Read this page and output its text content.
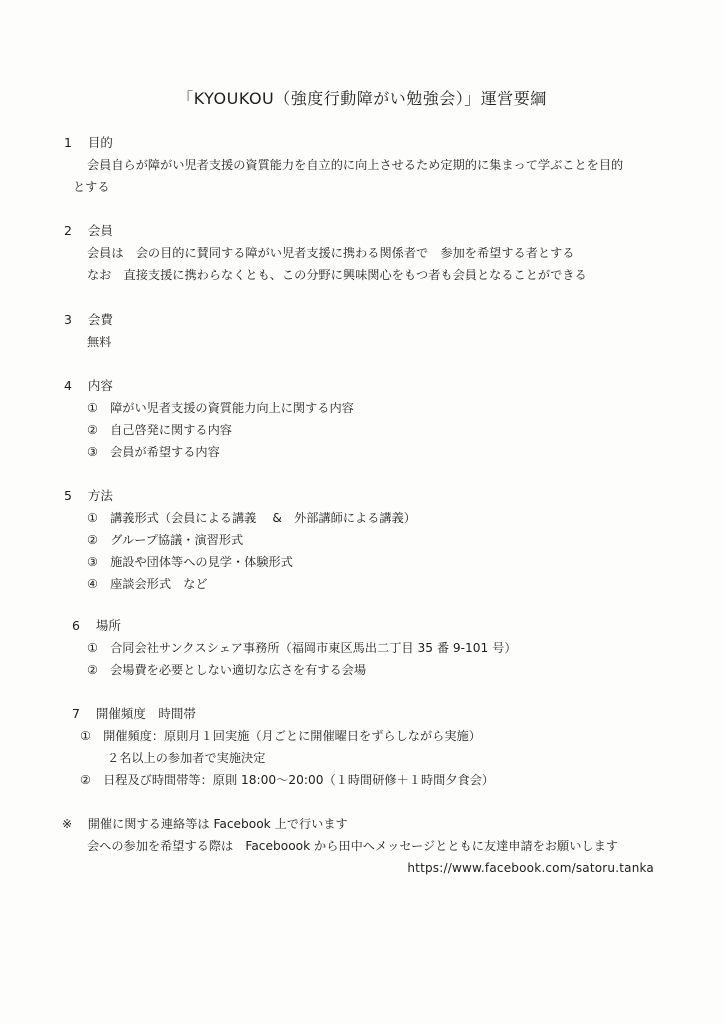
「KYOUKOU（強度行動障がい勉強会）」運営要綱
1 目的
会員自らが障がい児者支援の資質能力を自立的に向上させるため定期的に集まって学ぶことを目的
とする
2 会員
会員は　会の目的に賛同する障がい児者支援に携わる関係者で　参加を希望する者とする
なお　直接支援に携わらなくとも、この分野に興味関心をもつ者も会員となることができる
3 会費
無料
4 内容
①　障がい児者支援の資質能力向上に関する内容
②　自己啓発に関する内容
③　会員が希望する内容
5 方法
①　講義形式（会員による講義　 &　外部講師による講義）
②　グループ協議・演習形式
③　施設や団体等への見学・体験形式
④　座談会形式　など
6 場所
①　合同会社サンクスシェア事務所（福岡市東区馬出二丁目 35 番 9-101 号）
②　会場費を必要としない適切な広さを有する会場
7 開催頻度　時間帯
①　開催頻度：原則月１回実施（月ごとに開催曜日をずらしながら実施）
２名以上の参加者で実施決定
②　日程及び時間帯等：原則 18:00～20:00（１時間研修＋１時間夕食会）
※ 開催に関する連絡等は Facebook 上で行います
会への参加を希望する際は　Faceboook から田中へメッセージとともに友達申請をお願いします
https://www.facebook.com/satoru.tanka
